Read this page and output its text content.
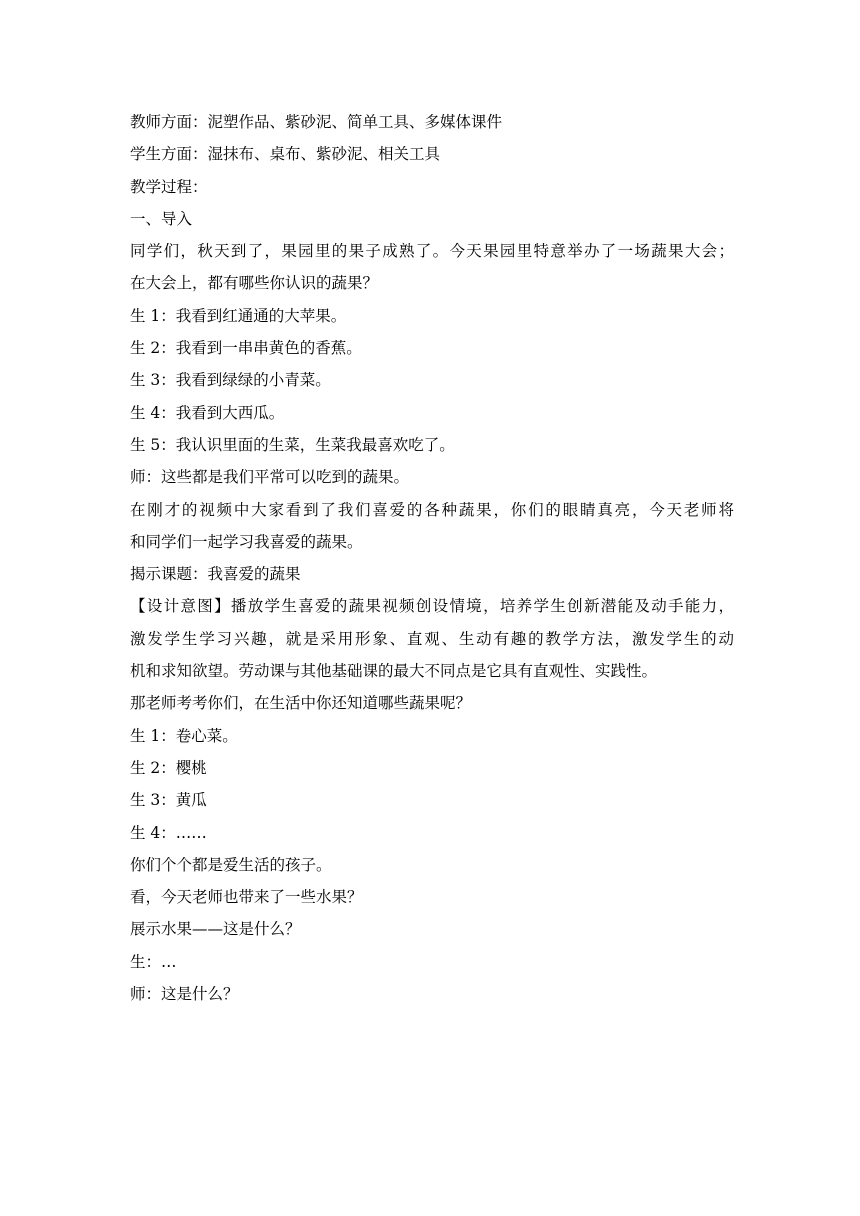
教师方面：泥塑作品、紫砂泥、简单工具、多媒体课件
学生方面：湿抹布、桌布、紫砂泥、相关工具
教学过程：
一、导入
同学们，秋天到了，果园里的果子成熟了。今天果园里特意举办了一场蔬果大会；
在大会上，都有哪些你认识的蔬果？
生 1：我看到红通通的大苹果。
生 2：我看到一串串黄色的香蕉。
生 3：我看到绿绿的小青菜。
生 4：我看到大西瓜。
生 5：我认识里面的生菜，生菜我最喜欢吃了。
师：这些都是我们平常可以吃到的蔬果。
在刚才的视频中大家看到了我们喜爱的各种蔬果，你们的眼睛真亮，今天老师将
和同学们一起学习我喜爱的蔬果。
揭示课题：我喜爱的蔬果
【设计意图】播放学生喜爱的蔬果视频创设情境，培养学生创新潜能及动手能力，
激发学生学习兴趣，就是采用形象、直观、生动有趣的教学方法，激发学生的动
机和求知欲望。劳动课与其他基础课的最大不同点是它具有直观性、实践性。
那老师考考你们，在生活中你还知道哪些蔬果呢？
生 1：卷心菜。
生 2：樱桃
生 3：黄瓜
生 4：……
你们个个都是爱生活的孩子。
看，今天老师也带来了一些水果？
展示水果——这是什么？
生：…
师：这是什么？
